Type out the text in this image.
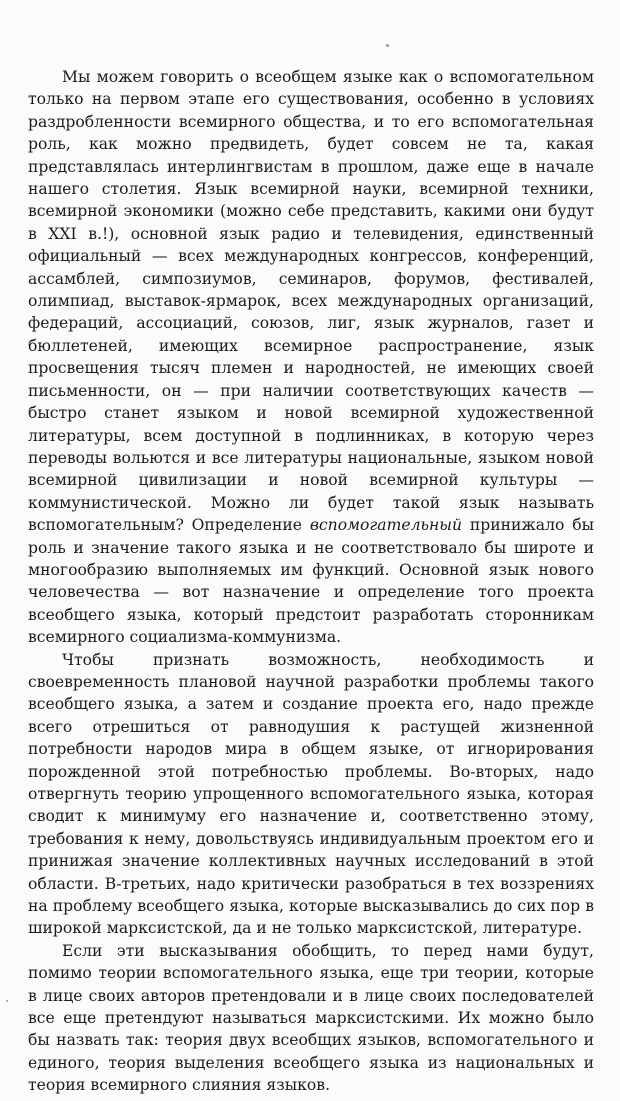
Мы можем говорить о всеобщем языке как о вспомогательном только на первом этапе его существования, особенно в условиях раздробленности всемирного общества, и то его вспомогательная роль, как можно предвидеть, будет совсем не та, какая представлялась интерлингвистам в прошлом, даже еще в начале нашего столетия. Язык всемирной науки, всемирной техники, всемирной экономики (можно себе представить, какими они будут в XXI в.!), основной язык радио и телевидения, единственный официальный — всех международных конгрессов, конференций, ассамблей, симпозиумов, семинаров, форумов, фестивалей, олимпиад, выставок-ярмарок, всех международных организаций, федераций, ассоциаций, союзов, лиг, язык журналов, газет и бюллетеней, имеющих всемирное распространение, язык просвещения тысяч племен и народностей, не имеющих своей письменности, он — при наличии соответствующих качеств — быстро станет языком и новой всемирной художественной литературы, всем доступной в подлинниках, в которую через переводы вольются и все литературы национальные, языком новой всемирной цивилизации и новой всемирной культуры — коммунистической. Можно ли будет такой язык называть вспомогательным? Определение вспомогательный принижало бы роль и значение такого языка и не соответствовало бы широте и многообразию выполняемых им функций. Основной язык нового человечества — вот назначение и определение того проекта всеобщего языка, который предстоит разработать сторонникам всемирного социализма-коммунизма.

Чтобы признать возможность, необходимость и своевременность плановой научной разработки проблемы такого всеобщего языка, а затем и создание проекта его, надо прежде всего отрешиться от равнодушия к растущей жизненной потребности народов мира в общем языке, от игнорирования порожденной этой потребностью проблемы. Во-вторых, надо отвергнуть теорию упрощенного вспомогательного языка, которая сводит к минимуму его назначение и, соответственно этому, требования к нему, довольствуясь индивидуальным проектом его и принижая значение коллективных научных исследований в этой области. В-третьих, надо критически разобраться в тех воззрениях на проблему всеобщего языка, которые высказывались до сих пор в широкой марксистской, да и не только марксистской, литературе.

Если эти высказывания обобщить, то перед нами будут, помимо теории вспомогательного языка, еще три теории, которые в лице своих авторов претендовали и в лице своих последователей все еще претендуют называться марксистскими. Их можно было бы назвать так: теория двух всеобщих языков, вспомогательного и единого, теория выделения всеобщего языка из национальных и теория всемирного слияния языков.
